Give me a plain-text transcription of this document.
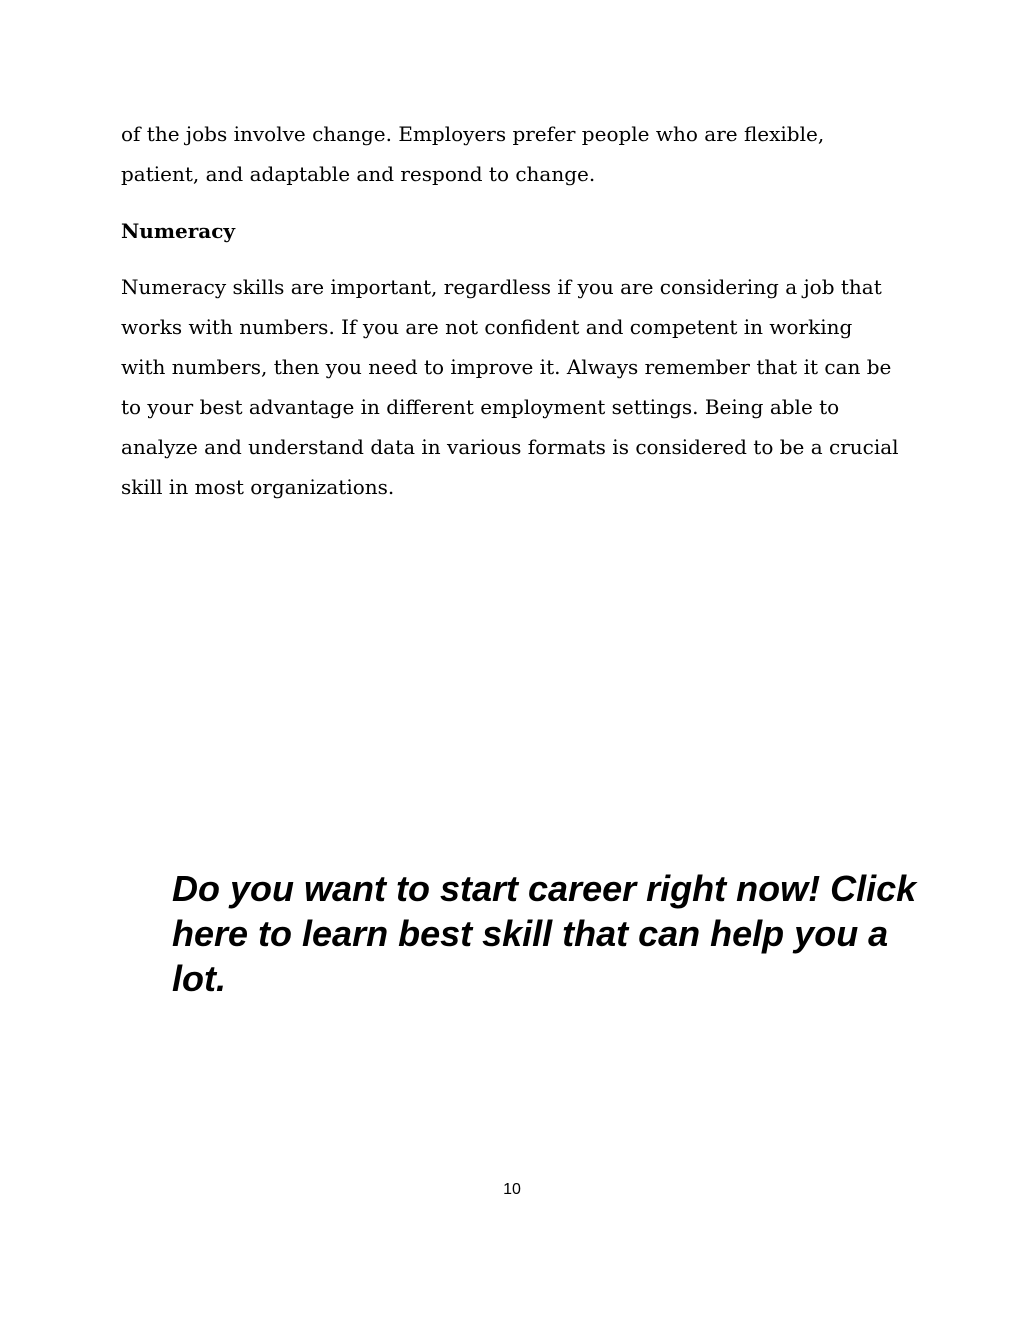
of the jobs involve change. Employers prefer people who are flexible,
patient, and adaptable and respond to change.

Numeracy

Numeracy skills are important, regardless if you are considering a job that
works with numbers. If you are not confident and competent in working
with numbers, then you need to improve it. Always remember that it can be
to your best advantage in different employment settings. Being able to
analyze and understand data in various formats is considered to be a crucial
skill in most organizations.

Do you want to start career right now! Click
here to learn best skill that can help you a
lot.
10
